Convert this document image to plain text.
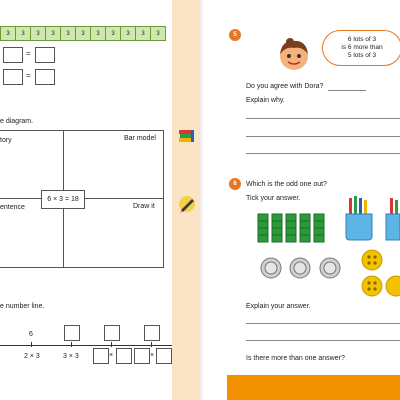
3	3	3	3	3	3	3	3	3	3	3
=
=
e diagram.
tory	Bar model
entence	Draw it
6 × 3 = 18
e number line.
6
2 × 3	3 × 3	×	×
5
6 lots of 3
is 6 more than
5 lots of 3
Do you agree with Dora?
Explain why.
6	Which is the odd one out?
Tick your answer.
Explain your answer.
Is there more than one answer?
